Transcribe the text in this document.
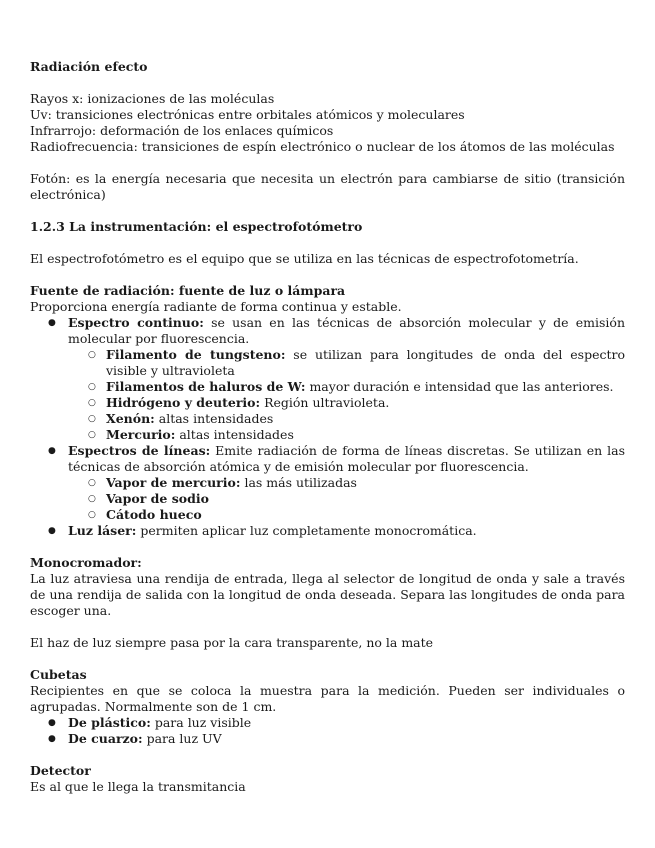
Radiación efecto

Rayos x: ionizaciones de las moléculas

Uv: transiciones electrónicas entre orbitales atómicos y moleculares

Infrarrojo: deformación de los enlaces químicos

Radiofrecuencia: transiciones de espín electrónico o nuclear de los átomos de las moléculas

Fotón: es la energía necesaria que necesita un electrón para cambiarse de sitio (transición electrónica)

1.2.3 La instrumentación: el espectrofotómetro

El espectrofotómetro es el equipo que se utiliza en las técnicas de espectrofotometría.

Fuente de radiación: fuente de luz o lámpara

Proporciona energía radiante de forma continua y estable.

● Espectro continuo: se usan en las técnicas de absorción molecular y de emisión molecular por fluorescencia.
○ Filamento de tungsteno: se utilizan para longitudes de onda del espectro visible y ultravioleta
○ Filamentos de haluros de W: mayor duración e intensidad que las anteriores.
○ Hidrógeno y deuterio: Región ultravioleta.
○ Xenón: altas intensidades
○ Mercurio: altas intensidades
● Espectros de líneas: Emite radiación de forma de líneas discretas. Se utilizan en las técnicas de absorción atómica y de emisión molecular por fluorescencia.
○ Vapor de mercurio: las más utilizadas
○ Vapor de sodio
○ Cátodo hueco
● Luz láser: permiten aplicar luz completamente monocromática.

Monocromador:

La luz atraviesa una rendija de entrada, llega al selector de longitud de onda y sale a través de una rendija de salida con la longitud de onda deseada. Separa las longitudes de onda para escoger una.

El haz de luz siempre pasa por la cara transparente, no la mate

Cubetas

Recipientes en que se coloca la muestra para la medición. Pueden ser individuales o agrupadas. Normalmente son de 1 cm.

● De plástico: para luz visible
● De cuarzo: para luz UV

Detector

Es al que le llega la transmitancia
